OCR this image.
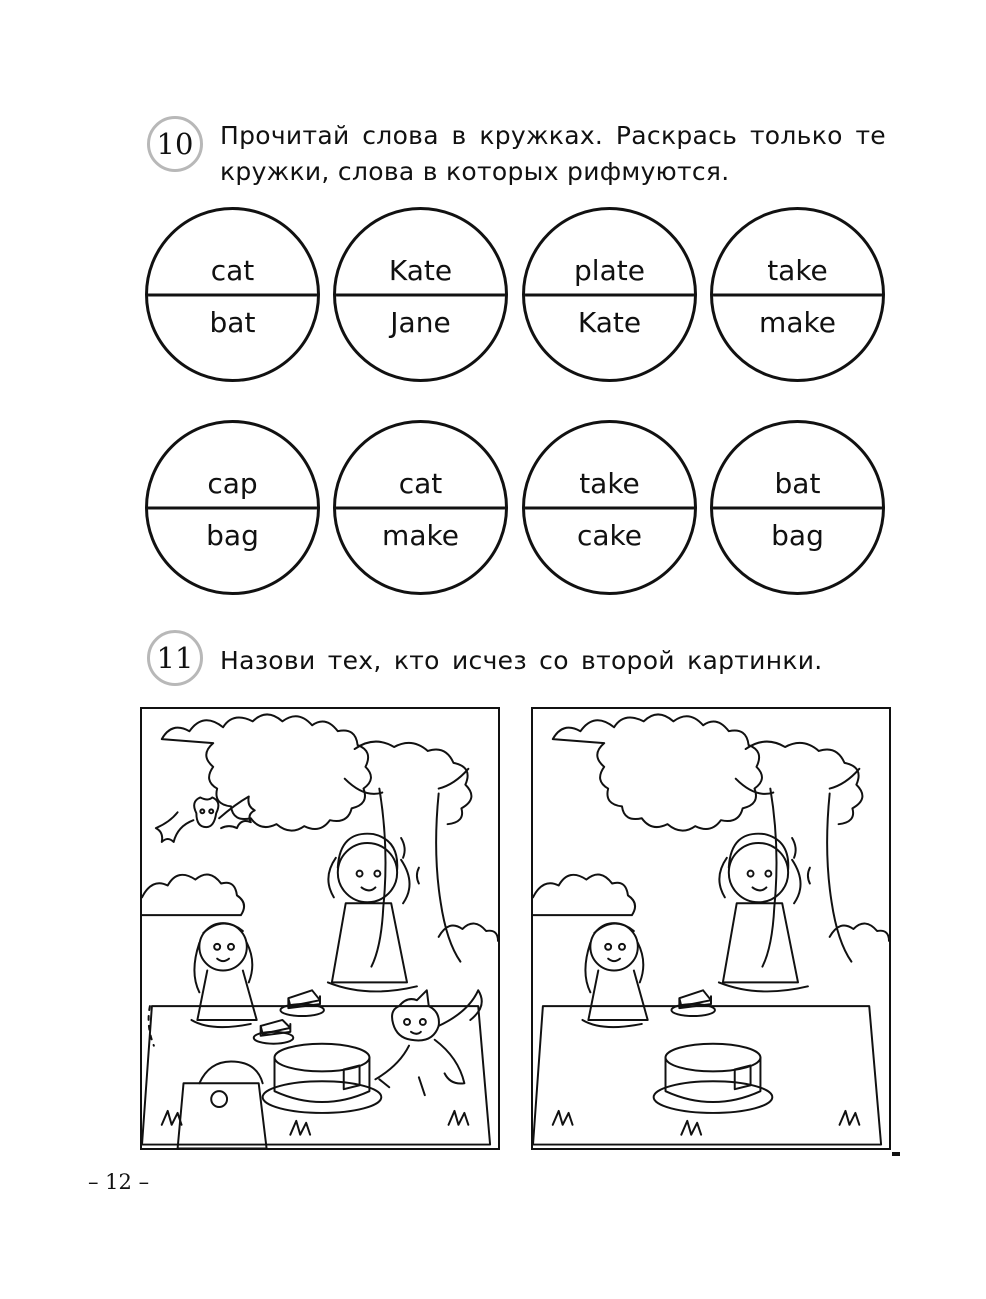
10	Прочитай слова в кружках. Раскрась только те кружки, слова в которых рифмуются.
cat
bat
Kate
Jane
plate
Kate
take
make
cap
bag
cat
make
take
cake
bat
bag
11	Назови тех, кто исчез со второй картинки.
– 12 –
